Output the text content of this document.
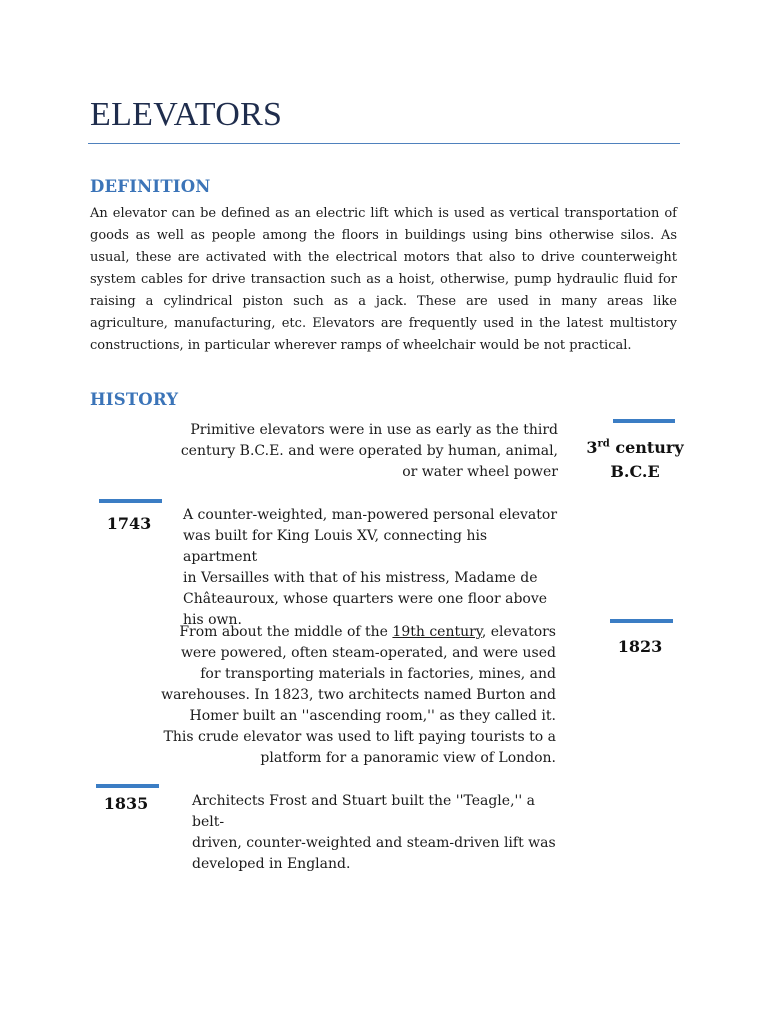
ELEVATORS
DEFINITION

An elevator can be defined as an electric lift which is used as vertical transportation of goods as well as people among the floors in buildings using bins otherwise silos. As usual, these are activated with the electrical motors that also to drive counterweight system cables for drive transaction such as a hoist, otherwise, pump hydraulic fluid for raising a cylindrical piston such as a jack. These are used in many areas like agriculture, manufacturing, etc. Elevators are frequently used in the latest multistory constructions, in particular wherever ramps of wheelchair would be not practical.

HISTORY

Primitive elevators were in use as early as the third
century B.C.E. and were operated by human, animal,
or water wheel power

3rd century
B.C.E
1743	A counter-weighted, man-powered personal elevator
was built for King Louis XV, connecting his apartment
in Versailles with that of his mistress, Madame de
Châteauroux, whose quarters were one floor above
his own.

From about the middle of the 19th century, elevators
were powered, often steam-operated, and were used
for transporting materials in factories, mines, and
warehouses. In 1823, two architects named Burton and
Homer built an ''ascending room,'' as they called it.
This crude elevator was used to lift paying tourists to a
platform for a panoramic view of London.

1823
1835	Architects Frost and Stuart built the ''Teagle,'' a belt-
driven, counter-weighted and steam-driven lift was
developed in England.
